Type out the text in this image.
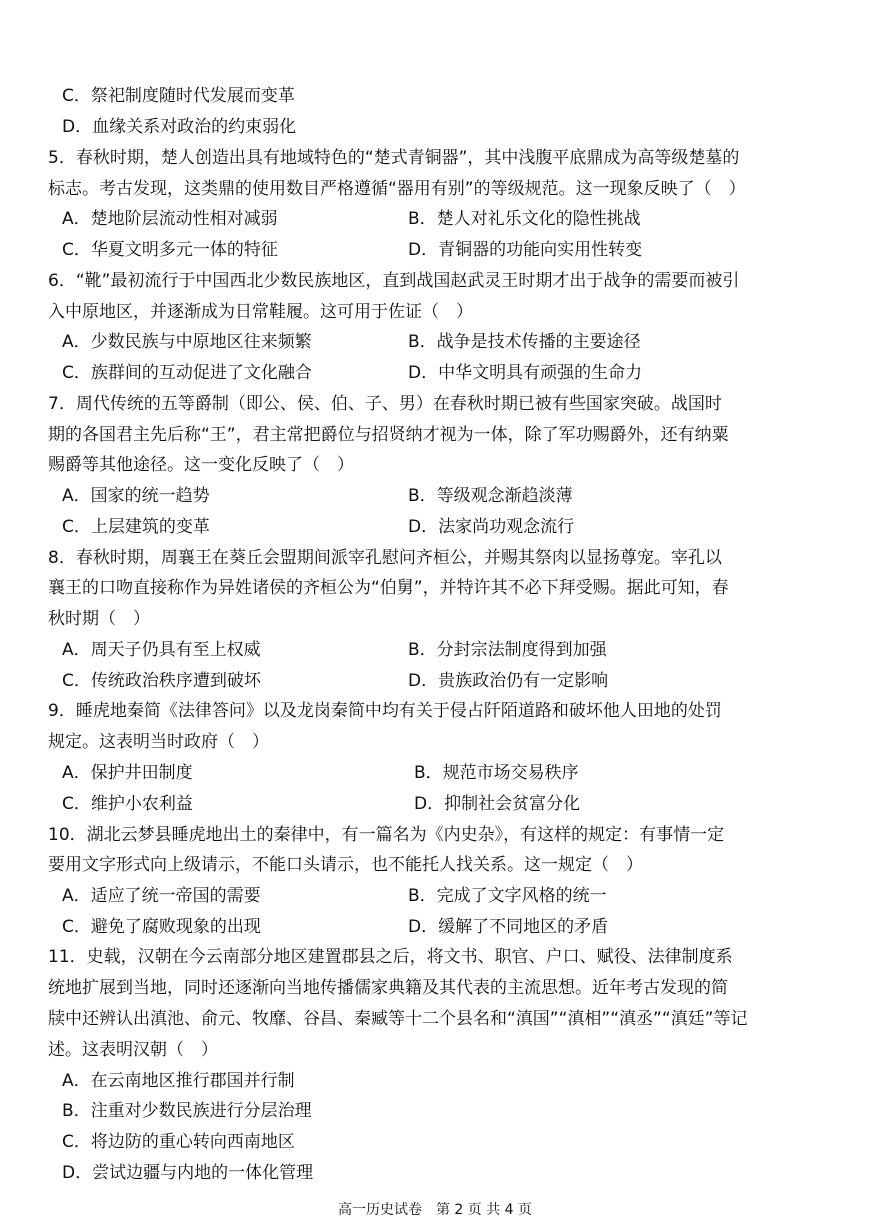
C．祭祀制度随时代发展而变革
D．血缘关系对政治的约束弱化
5．春秋时期，楚人创造出具有地域特色的“楚式青铜器”，其中浅腹平底鼎成为高等级楚墓的
标志。考古发现，这类鼎的使用数目严格遵循“器用有别”的等级规范。这一现象反映了（　）
A．楚地阶层流动性相对减弱	B．楚人对礼乐文化的隐性挑战
C．华夏文明多元一体的特征	D．青铜器的功能向实用性转变
6．“靴”最初流行于中国西北少数民族地区，直到战国赵武灵王时期才出于战争的需要而被引
入中原地区，并逐渐成为日常鞋履。这可用于佐证（　）
A．少数民族与中原地区往来频繁	B．战争是技术传播的主要途径
C．族群间的互动促进了文化融合	D．中华文明具有顽强的生命力
7．周代传统的五等爵制（即公、侯、伯、子、男）在春秋时期已被有些国家突破。战国时
期的各国君主先后称“王”，君主常把爵位与招贤纳才视为一体，除了军功赐爵外，还有纳粟
赐爵等其他途径。这一变化反映了（　）
A．国家的统一趋势	B．等级观念渐趋淡薄
C．上层建筑的变革	D．法家尚功观念流行
8．春秋时期，周襄王在葵丘会盟期间派宰孔慰问齐桓公，并赐其祭肉以显扬尊宠。宰孔以
襄王的口吻直接称作为异姓诸侯的齐桓公为“伯舅”，并特许其不必下拜受赐。据此可知，春
秋时期（　）
A．周天子仍具有至上权威	B．分封宗法制度得到加强
C．传统政治秩序遭到破坏	D．贵族政治仍有一定影响
9．睡虎地秦简《法律答问》以及龙岗秦简中均有关于侵占阡陌道路和破坏他人田地的处罚
规定。这表明当时政府（　）
A．保护井田制度	B．规范市场交易秩序
C．维护小农利益	D．抑制社会贫富分化
10．湖北云梦县睡虎地出土的秦律中，有一篇名为《内史杂》，有这样的规定：有事情一定
要用文字形式向上级请示，不能口头请示，也不能托人找关系。这一规定（　）
A．适应了统一帝国的需要	B．完成了文字风格的统一
C．避免了腐败现象的出现	D．缓解了不同地区的矛盾
11．史载，汉朝在今云南部分地区建置郡县之后，将文书、职官、户口、赋役、法律制度系
统地扩展到当地，同时还逐渐向当地传播儒家典籍及其代表的主流思想。近年考古发现的简
牍中还辨认出滇池、俞元、牧靡、谷昌、秦臧等十二个县名和“滇国”“滇相”“滇丞”“滇廷”等记
述。这表明汉朝（　）
A．在云南地区推行郡国并行制
B．注重对少数民族进行分层治理
C．将边防的重心转向西南地区
D．尝试边疆与内地的一体化管理
高一历史试卷　第 2 页 共 4 页
